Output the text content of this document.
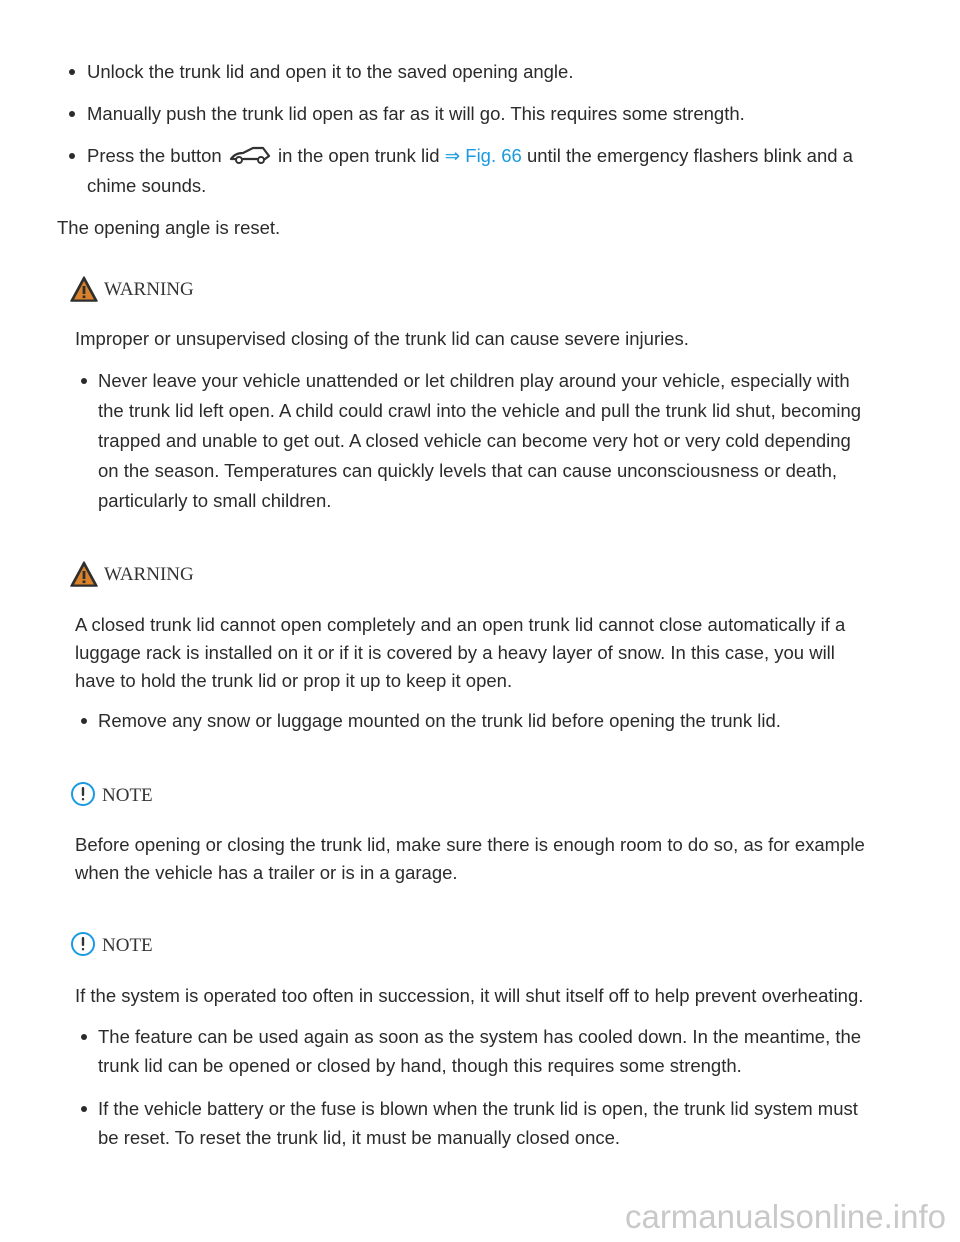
Unlock the trunk lid and open it to the saved opening angle.
Manually push the trunk lid open as far as it will go. This requires some strength.
Press the button	in the open trunk lid ⇒ Fig. 66 until the emergency flashers blink and a
chime sounds.
The opening angle is reset.
WARNING
Improper or unsupervised closing of the trunk lid can cause severe injuries.
Never leave your vehicle unattended or let children play around your vehicle, especially with
the trunk lid left open. A child could crawl into the vehicle and pull the trunk lid shut, becoming
trapped and unable to get out. A closed vehicle can become very hot or very cold depending
on the season. Temperatures can quickly levels that can cause unconsciousness or death,
particularly to small children.
WARNING
A closed trunk lid cannot open completely and an open trunk lid cannot close automatically if a
luggage rack is installed on it or if it is covered by a heavy layer of snow. In this case, you will
have to hold the trunk lid or prop it up to keep it open.
Remove any snow or luggage mounted on the trunk lid before opening the trunk lid.
NOTE
Before opening or closing the trunk lid, make sure there is enough room to do so, as for example
when the vehicle has a trailer or is in a garage.
NOTE
If the system is operated too often in succession, it will shut itself off to help prevent overheating.
The feature can be used again as soon as the system has cooled down. In the meantime, the
trunk lid can be opened or closed by hand, though this requires some strength.
If the vehicle battery or the fuse is blown when the trunk lid is open, the trunk lid system must
be reset. To reset the trunk lid, it must be manually closed once.
carmanualsonline.info
